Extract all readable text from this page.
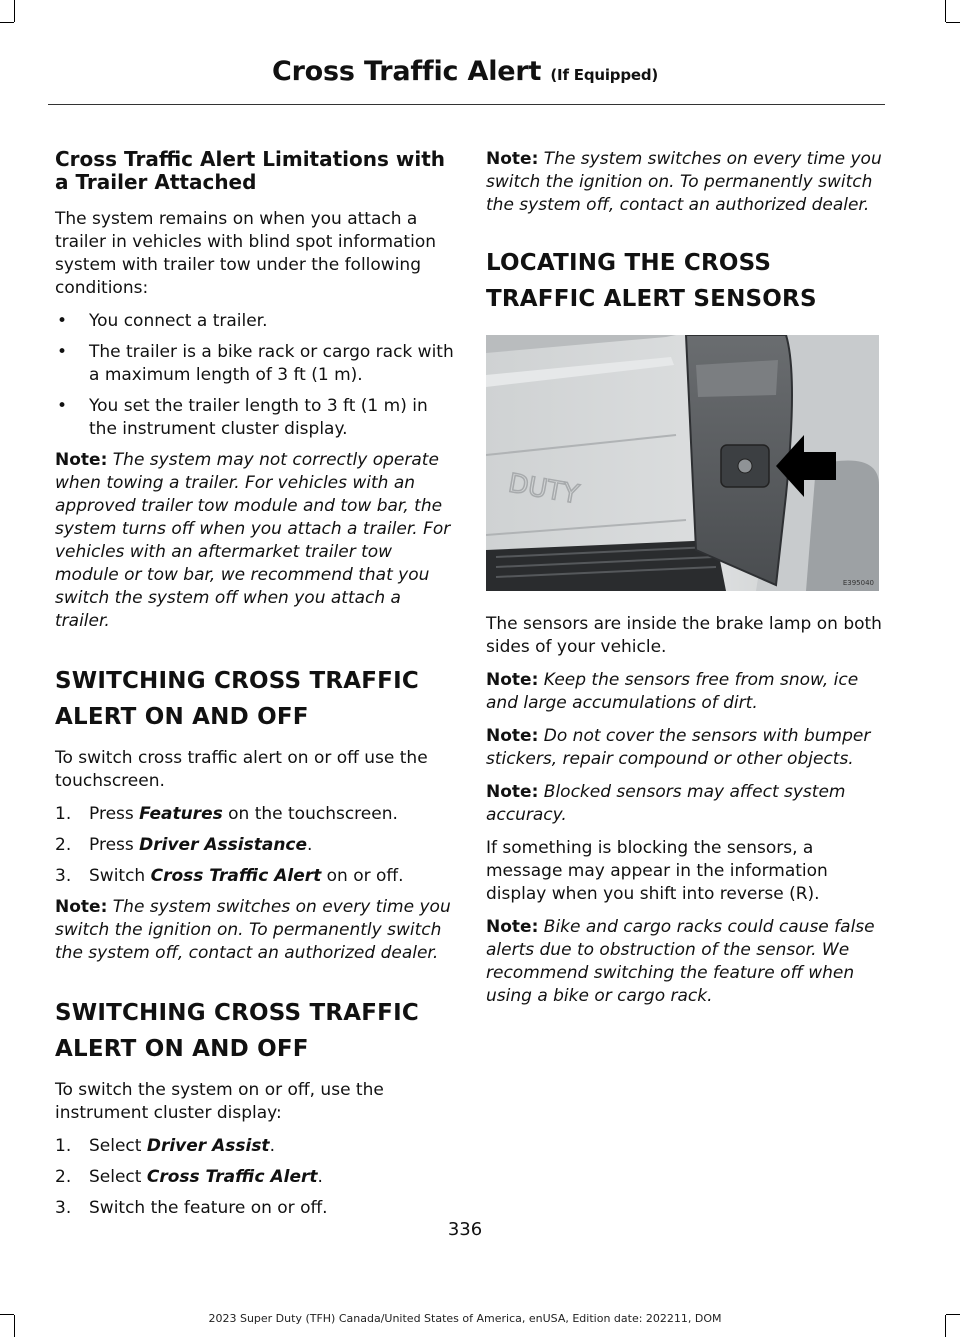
Cross Traffic Alert (If Equipped)
Cross Traffic Alert Limitations with a Trailer Attached

The system remains on when you attach a trailer in vehicles with blind spot information system with trailer tow under the following conditions:

• You connect a trailer.
• The trailer is a bike rack or cargo rack with a maximum length of 3 ft (1 m).
• You set the trailer length to 3 ft (1 m) in the instrument cluster display.

Note: The system may not correctly operate when towing a trailer. For vehicles with an approved trailer tow module and tow bar, the system turns off when you attach a trailer. For vehicles with an aftermarket trailer tow module or tow bar, we recommend that you switch the system off when you attach a trailer.

SWITCHING CROSS TRAFFIC
ALERT ON AND OFF

To switch cross traffic alert on or off use the touchscreen.

1. Press Features on the touchscreen.
2. Press Driver Assistance.
3. Switch Cross Traffic Alert on or off.

Note: The system switches on every time you switch the ignition on. To permanently switch the system off, contact an authorized dealer.

SWITCHING CROSS TRAFFIC
ALERT ON AND OFF

To switch the system on or off, use the instrument cluster display:

1. Select Driver Assist.
2. Select Cross Traffic Alert.
3. Switch the feature on or off.

Note: The system switches on every time you switch the ignition on. To permanently switch the system off, contact an authorized dealer.

LOCATING THE CROSS
TRAFFIC ALERT SENSORS
DUTY
E395040

The sensors are inside the brake lamp on both sides of your vehicle.

Note: Keep the sensors free from snow, ice and large accumulations of dirt.

Note: Do not cover the sensors with bumper stickers, repair compound or other objects.

Note: Blocked sensors may affect system accuracy.

If something is blocking the sensors, a message may appear in the information display when you shift into reverse (R).

Note: Bike and cargo racks could cause false alerts due to obstruction of the sensor. We recommend switching the feature off when using a bike or cargo rack.

336
2023 Super Duty (TFH) Canada/United States of America, enUSA, Edition date: 202211, DOM
